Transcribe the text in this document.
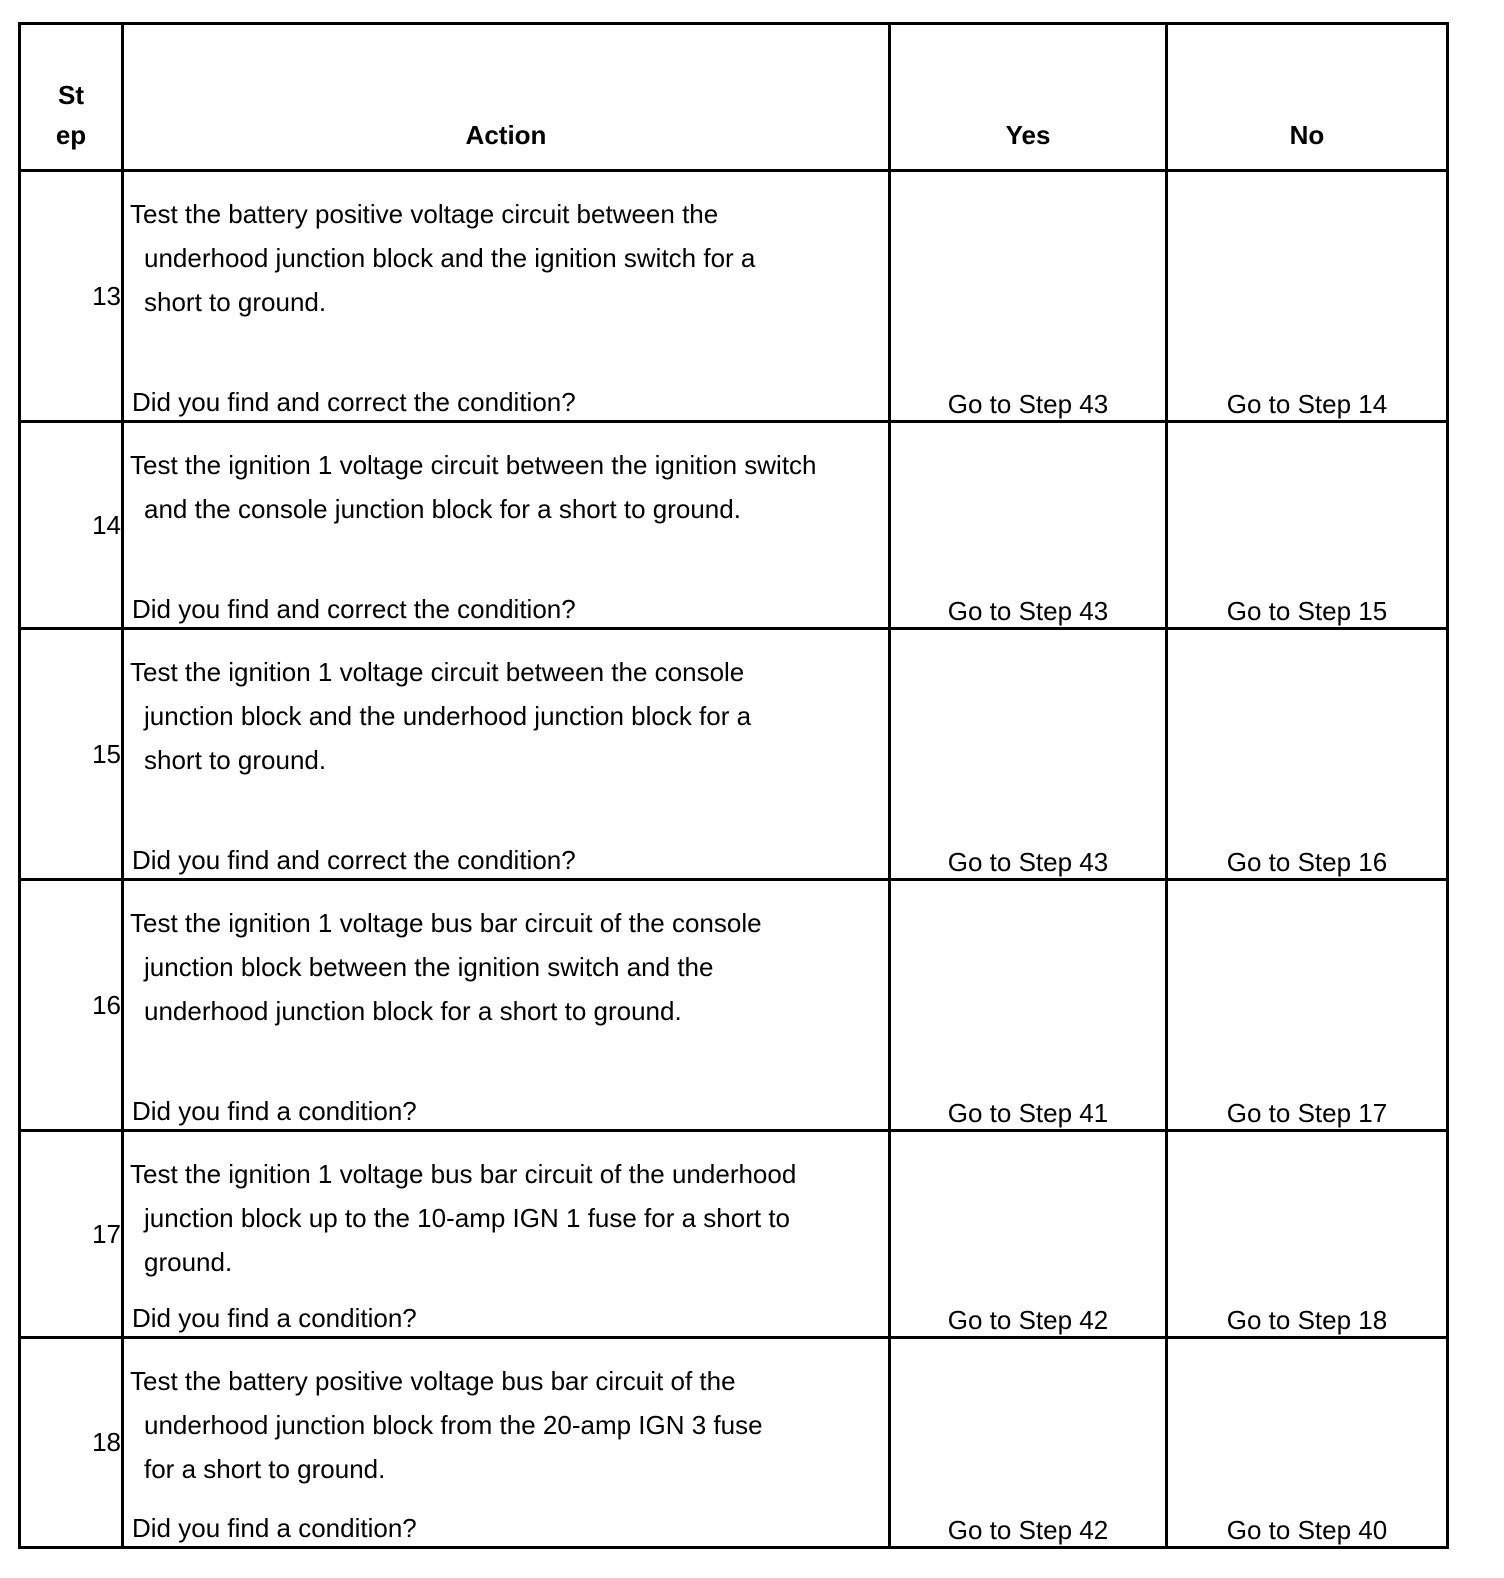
St
ep	Action	Yes	No
13	Test the battery positive voltage circuit between the
underhood junction block and the ignition switch for a
short to ground.
Did you find and correct the condition?	Go to Step 43	Go to Step 14
14	Test the ignition 1 voltage circuit between the ignition switch
and the console junction block for a short to ground.
Did you find and correct the condition?	Go to Step 43	Go to Step 15
15	Test the ignition 1 voltage circuit between the console
junction block and the underhood junction block for a
short to ground.
Did you find and correct the condition?	Go to Step 43	Go to Step 16
16	Test the ignition 1 voltage bus bar circuit of the console
junction block between the ignition switch and the
underhood junction block for a short to ground.
Did you find a condition?	Go to Step 41	Go to Step 17
17	Test the ignition 1 voltage bus bar circuit of the underhood
junction block up to the 10-amp IGN 1 fuse for a short to
ground.
Did you find a condition?	Go to Step 42	Go to Step 18
18	Test the battery positive voltage bus bar circuit of the
underhood junction block from the 20-amp IGN 3 fuse
for a short to ground.
Did you find a condition?	Go to Step 42	Go to Step 40
